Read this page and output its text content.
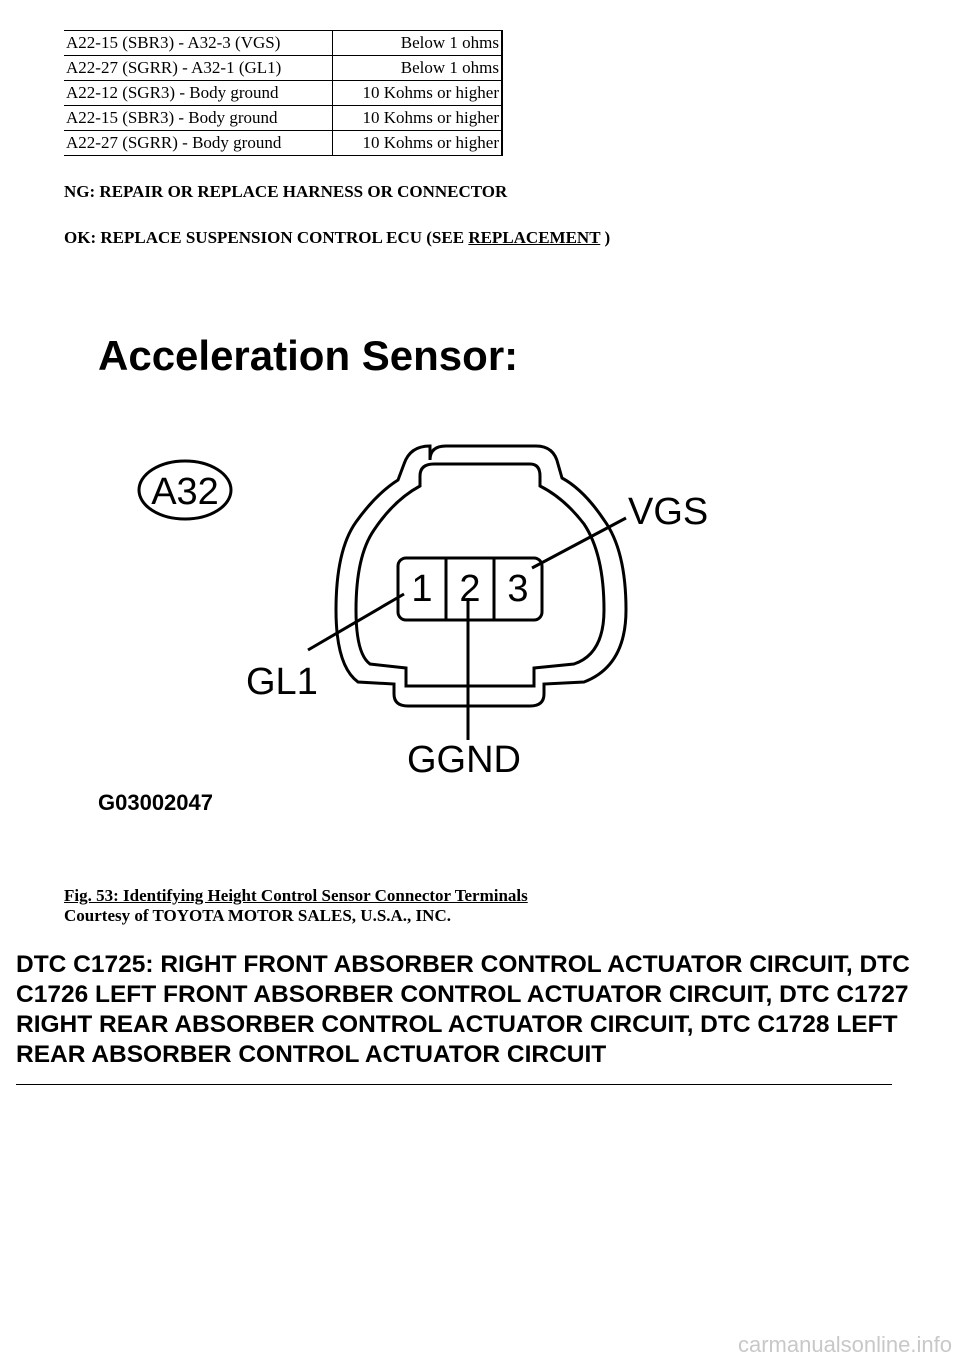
A22-15 (SBR3) - A32-3 (VGS)	Below 1 ohms
A22-27 (SGRR) - A32-1 (GL1)	Below 1 ohms
A22-12 (SGR3) - Body ground	10 Kohms or higher
A22-15 (SBR3) - Body ground	10 Kohms or higher
A22-27 (SGRR) - Body ground	10 Kohms or higher
NG: REPAIR OR REPLACE HARNESS OR CONNECTOR
OK: REPLACE SUSPENSION CONTROL ECU (SEE REPLACEMENT )
Acceleration Sensor:
A32
1 2 3
VGS
GL1
GGND
G03002047
Fig. 53: Identifying Height Control Sensor Connector Terminals
Courtesy of TOYOTA MOTOR SALES, U.S.A., INC.
DTC C1725: RIGHT FRONT ABSORBER CONTROL ACTUATOR CIRCUIT, DTC C1726 LEFT FRONT ABSORBER CONTROL ACTUATOR CIRCUIT, DTC C1727 RIGHT REAR ABSORBER CONTROL ACTUATOR CIRCUIT, DTC C1728 LEFT REAR ABSORBER CONTROL ACTUATOR CIRCUIT
carmanualsonline.info
